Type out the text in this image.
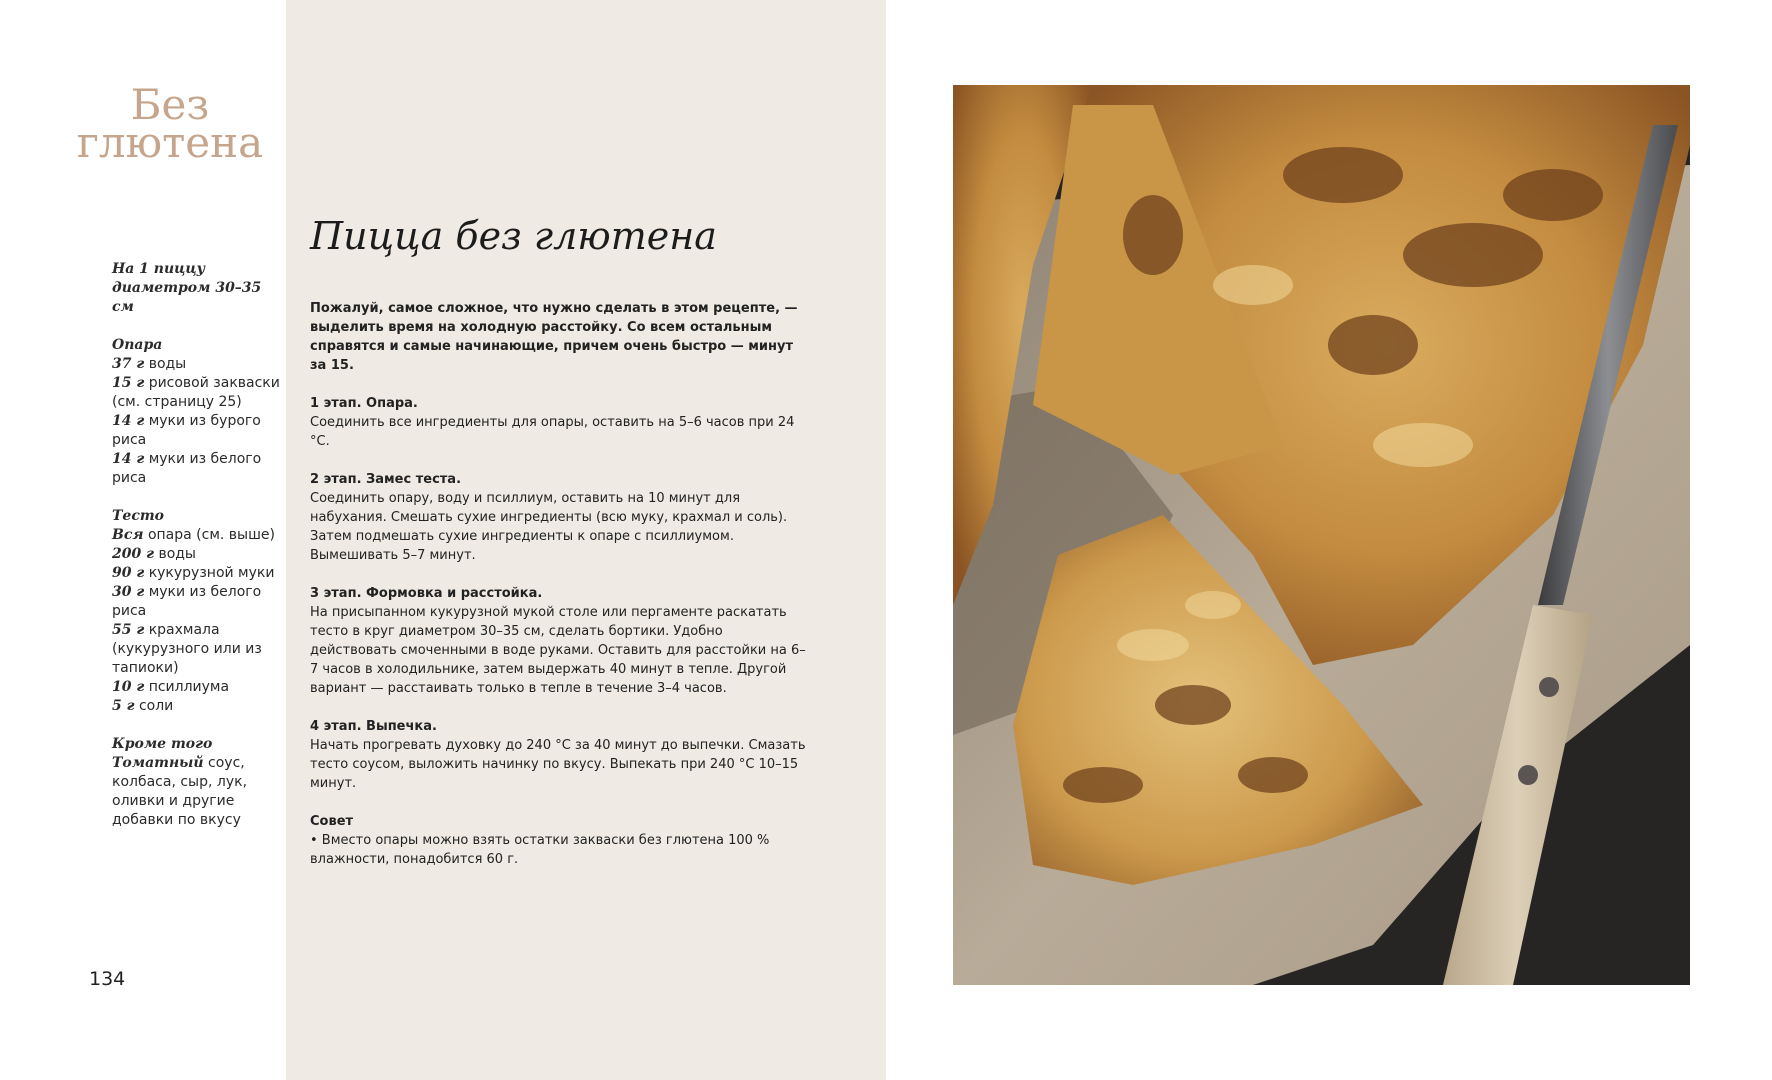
Без
глютена

На 1 пиццу диаметром 30–35 см

Опара

37 г воды

15 г рисовой закваски (см. страницу 25)

14 г муки из бурого риса

14 г муки из белого риса

Тесто

Вся опара (см. выше)

200 г воды

90 г кукурузной муки

30 г муки из белого риса

55 г крахмала (кукурузного или из тапиоки)

10 г псиллиума

5 г соли

Кроме того

Томатный соус, колбаса, сыр, лук, оливки и другие добавки по вкусу

134
Пицца без глютена

Пожалуй, самое сложное, что нужно сделать в этом рецепте, — выделить время на холодную расстойку. Со всем остальным справятся и самые начинающие, причем очень быстро — минут за 15.

1 этап. Опара.
Соединить все ингредиенты для опары, оставить на 5–6 часов при 24 °С.

2 этап. Замес теста.
Соединить опару, воду и псиллиум, оставить на 10 минут для набухания. Смешать сухие ингредиенты (всю муку, крахмал и соль). Затем подмешать сухие ингредиенты к опаре с псиллиумом. Вымешивать 5–7 минут.

3 этап. Формовка и расстойка.
На присыпанном кукурузной мукой столе или пергаменте раскатать тесто в круг диаметром 30–35 см, сделать бортики. Удобно действовать смоченными в воде руками. Оставить для расстойки на 6–7 часов в холодильнике, затем выдержать 40 минут в тепле. Другой вариант — расстаивать только в тепле в течение 3–4 часов.

4 этап. Выпечка.
Начать прогревать духовку до 240 °С за 40 минут до выпечки. Смазать тесто соусом, выложить начинку по вкусу. Выпекать при 240 °С 10–15 минут.

Совет
• Вместо опары можно взять остатки закваски без глютена 100 % влажности, понадобится 60 г.
